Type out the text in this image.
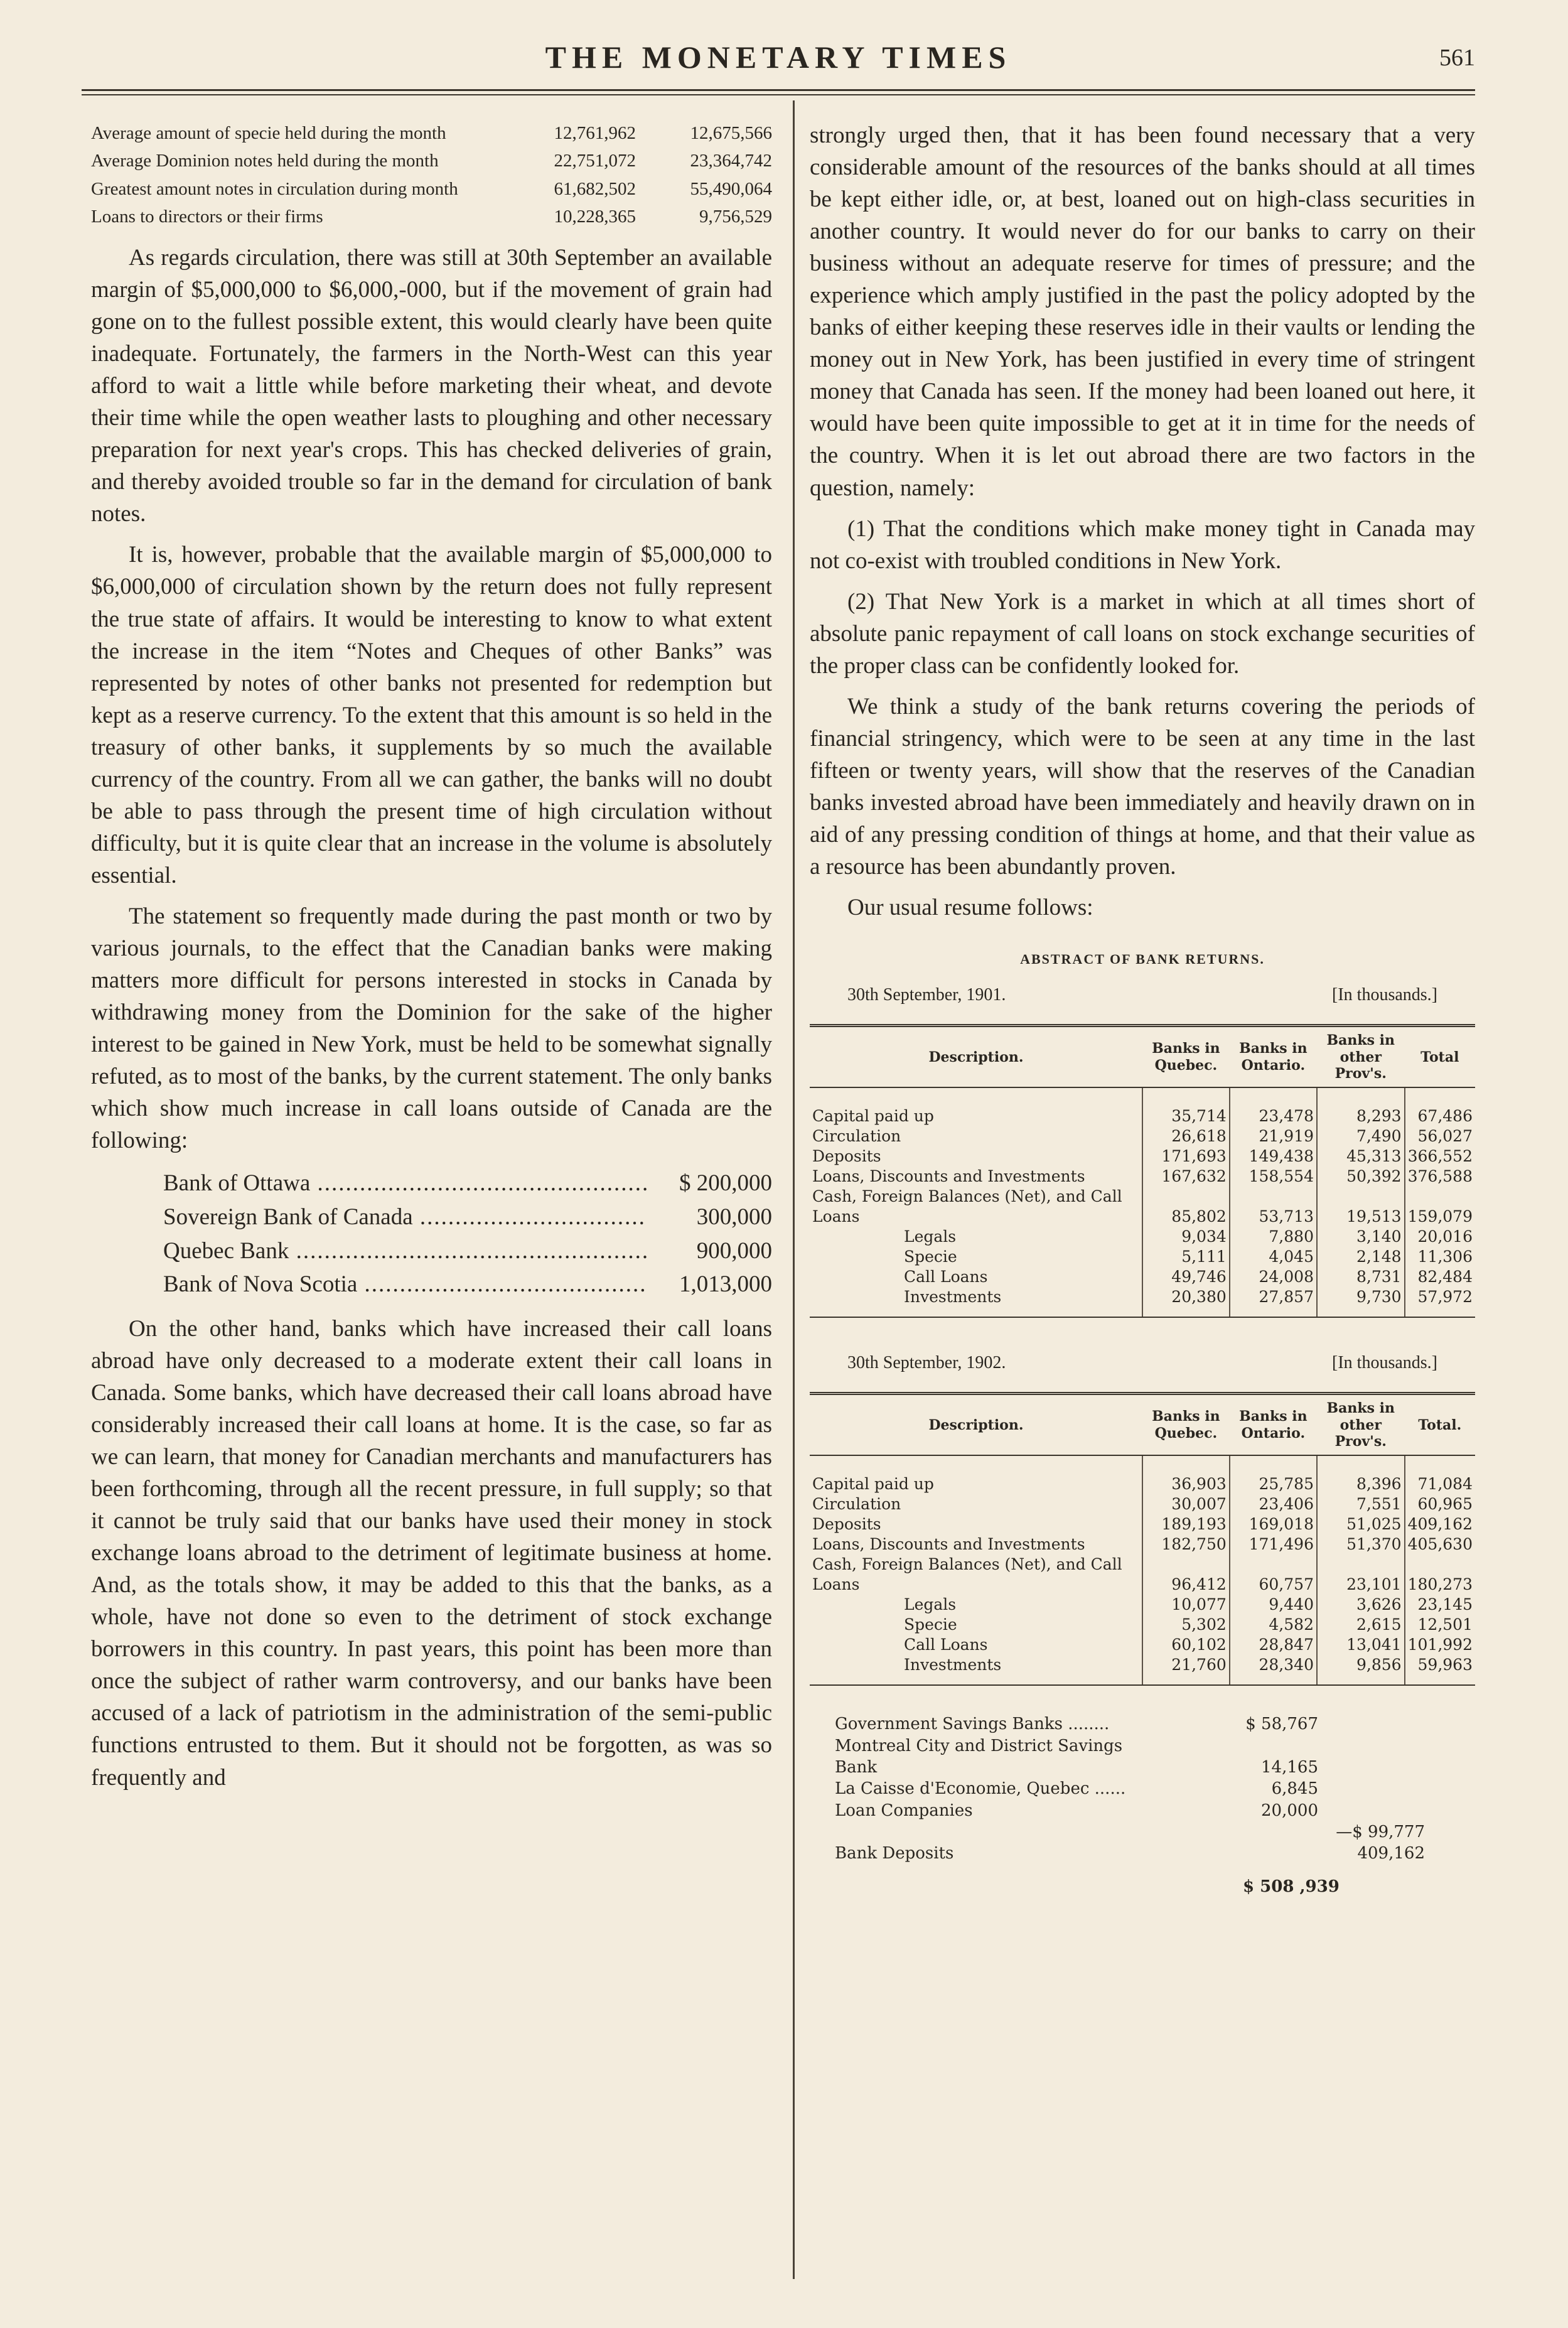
THE MONETARY TIMES	561
Average amount of specie held during the month	12,761,962	12,675,566
Average Dominion notes held during the month	22,751,072	23,364,742
Greatest amount notes in circulation during month	61,682,502	55,490,064
Loans to directors or their firms	10,228,365	9,756,529

As regards circulation, there was still at 30th September an available margin of $5,000,000 to $6,000,-000, but if the movement of grain had gone on to the fullest possible extent, this would clearly have been quite inadequate. Fortunately, the farmers in the North-West can this year afford to wait a little while before marketing their wheat, and devote their time while the open weather lasts to ploughing and other necessary preparation for next year's crops. This has checked deliveries of grain, and thereby avoided trouble so far in the demand for circulation of bank notes.

It is, however, probable that the available margin of $5,000,000 to $6,000,000 of circulation shown by the return does not fully represent the true state of affairs. It would be interesting to know to what extent the increase in the item “Notes and Cheques of other Banks” was represented by notes of other banks not presented for redemption but kept as a reserve currency. To the extent that this amount is so held in the treasury of other banks, it supplements by so much the available currency of the country. From all we can gather, the banks will no doubt be able to pass through the present time of high circulation without difficulty, but it is quite clear that an increase in the volume is absolutely essential.

The statement so frequently made during the past month or two by various journals, to the effect that the Canadian banks were making matters more difficult for persons interested in stocks in Canada by withdrawing money from the Dominion for the sake of the higher interest to be gained in New York, must be held to be somewhat signally refuted, as to most of the banks, by the current statement. The only banks which show much increase in call loans outside of Canada are the following:

Bank of Ottawa .....	$ 200,000
Sovereign Bank of Canada .....	300,000
Quebec Bank .....	900,000
Bank of Nova Scotia .....	1,013,000

On the other hand, banks which have increased their call loans abroad have only decreased to a moderate extent their call loans in Canada. Some banks, which have decreased their call loans abroad have considerably increased their call loans at home. It is the case, so far as we can learn, that money for Canadian merchants and manufacturers has been forthcoming, through all the recent pressure, in full supply; so that it cannot be truly said that our banks have used their money in stock exchange loans abroad to the detriment of legitimate business at home. And, as the totals show, it may be added to this that the banks, as a whole, have not done so even to the detriment of stock exchange borrowers in this country. In past years, this point has been more than once the subject of rather warm controversy, and our banks have been accused of a lack of patriotism in the administration of the semi-public functions entrusted to them. But it should not be forgotten, as was so frequently and

strongly urged then, that it has been found necessary that a very considerable amount of the resources of the banks should at all times be kept either idle, or, at best, loaned out on high-class securities in another country. It would never do for our banks to carry on their business without an adequate reserve for times of pressure; and the experience which amply justified in the past the policy adopted by the banks of either keeping these reserves idle in their vaults or lending the money out in New York, has been justified in every time of stringent money that Canada has seen. If the money had been loaned out here, it would have been quite impossible to get at it in time for the needs of the country. When it is let out abroad there are two factors in the question, namely:

(1) That the conditions which make money tight in Canada may not co-exist with troubled conditions in New York.

(2) That New York is a market in which at all times short of absolute panic repayment of call loans on stock exchange securities of the proper class can be confidently looked for.

We think a study of the bank returns covering the periods of financial stringency, which were to be seen at any time in the last fifteen or twenty years, will show that the reserves of the Canadian banks invested abroad have been immediately and heavily drawn on in aid of any pressing condition of things at home, and that their value as a resource has been abundantly proven.

Our usual resume follows:

ABSTRACT OF BANK RETURNS.
30th September, 1901.	[In thousands.]
Description.	Banks in Quebec.	Banks in Ontario.	Banks in other Prov's.	Total
Capital paid up	35,714	23,478	8,293	67,486
Circulation	26,618	21,919	7,490	56,027
Deposits	171,693	149,438	45,313	366,552
Loans, Discounts and Investments	167,632	158,554	50,392	376,588
Cash, Foreign Balances (Net), and Call				
Loans	85,802	53,713	19,513	159,079
Legals	9,034	7,880	3,140	20,016
Specie	5,111	4,045	2,148	11,306
Call Loans	49,746	24,008	8,731	82,484
Investments	20,380	27,857	9,730	57,972
30th September, 1902.	[In thousands.]
Description.	Banks in Quebec.	Banks in Ontario.	Banks in other Prov's.	Total.
Capital paid up	36,903	25,785	8,396	71,084
Circulation	30,007	23,406	7,551	60,965
Deposits	189,193	169,018	51,025	409,162
Loans, Discounts and Investments	182,750	171,496	51,370	405,630
Cash, Foreign Balances (Net), and Call				
Loans	96,412	60,757	23,101	180,273
Legals	10,077	9,440	3,626	23,145
Specie	5,302	4,582	2,615	12,501
Call Loans	60,102	28,847	13,041	101,992
Investments	21,760	28,340	9,856	59,963
Government Savings Banks ........	$ 58,767
Montreal City and District Savings
Bank	14,165
La Caisse d'Economie, Quebec ......	6,845
Loan Companies	20,000
—$ 99,777
Bank Deposits	409,162
$ 508 ,939
